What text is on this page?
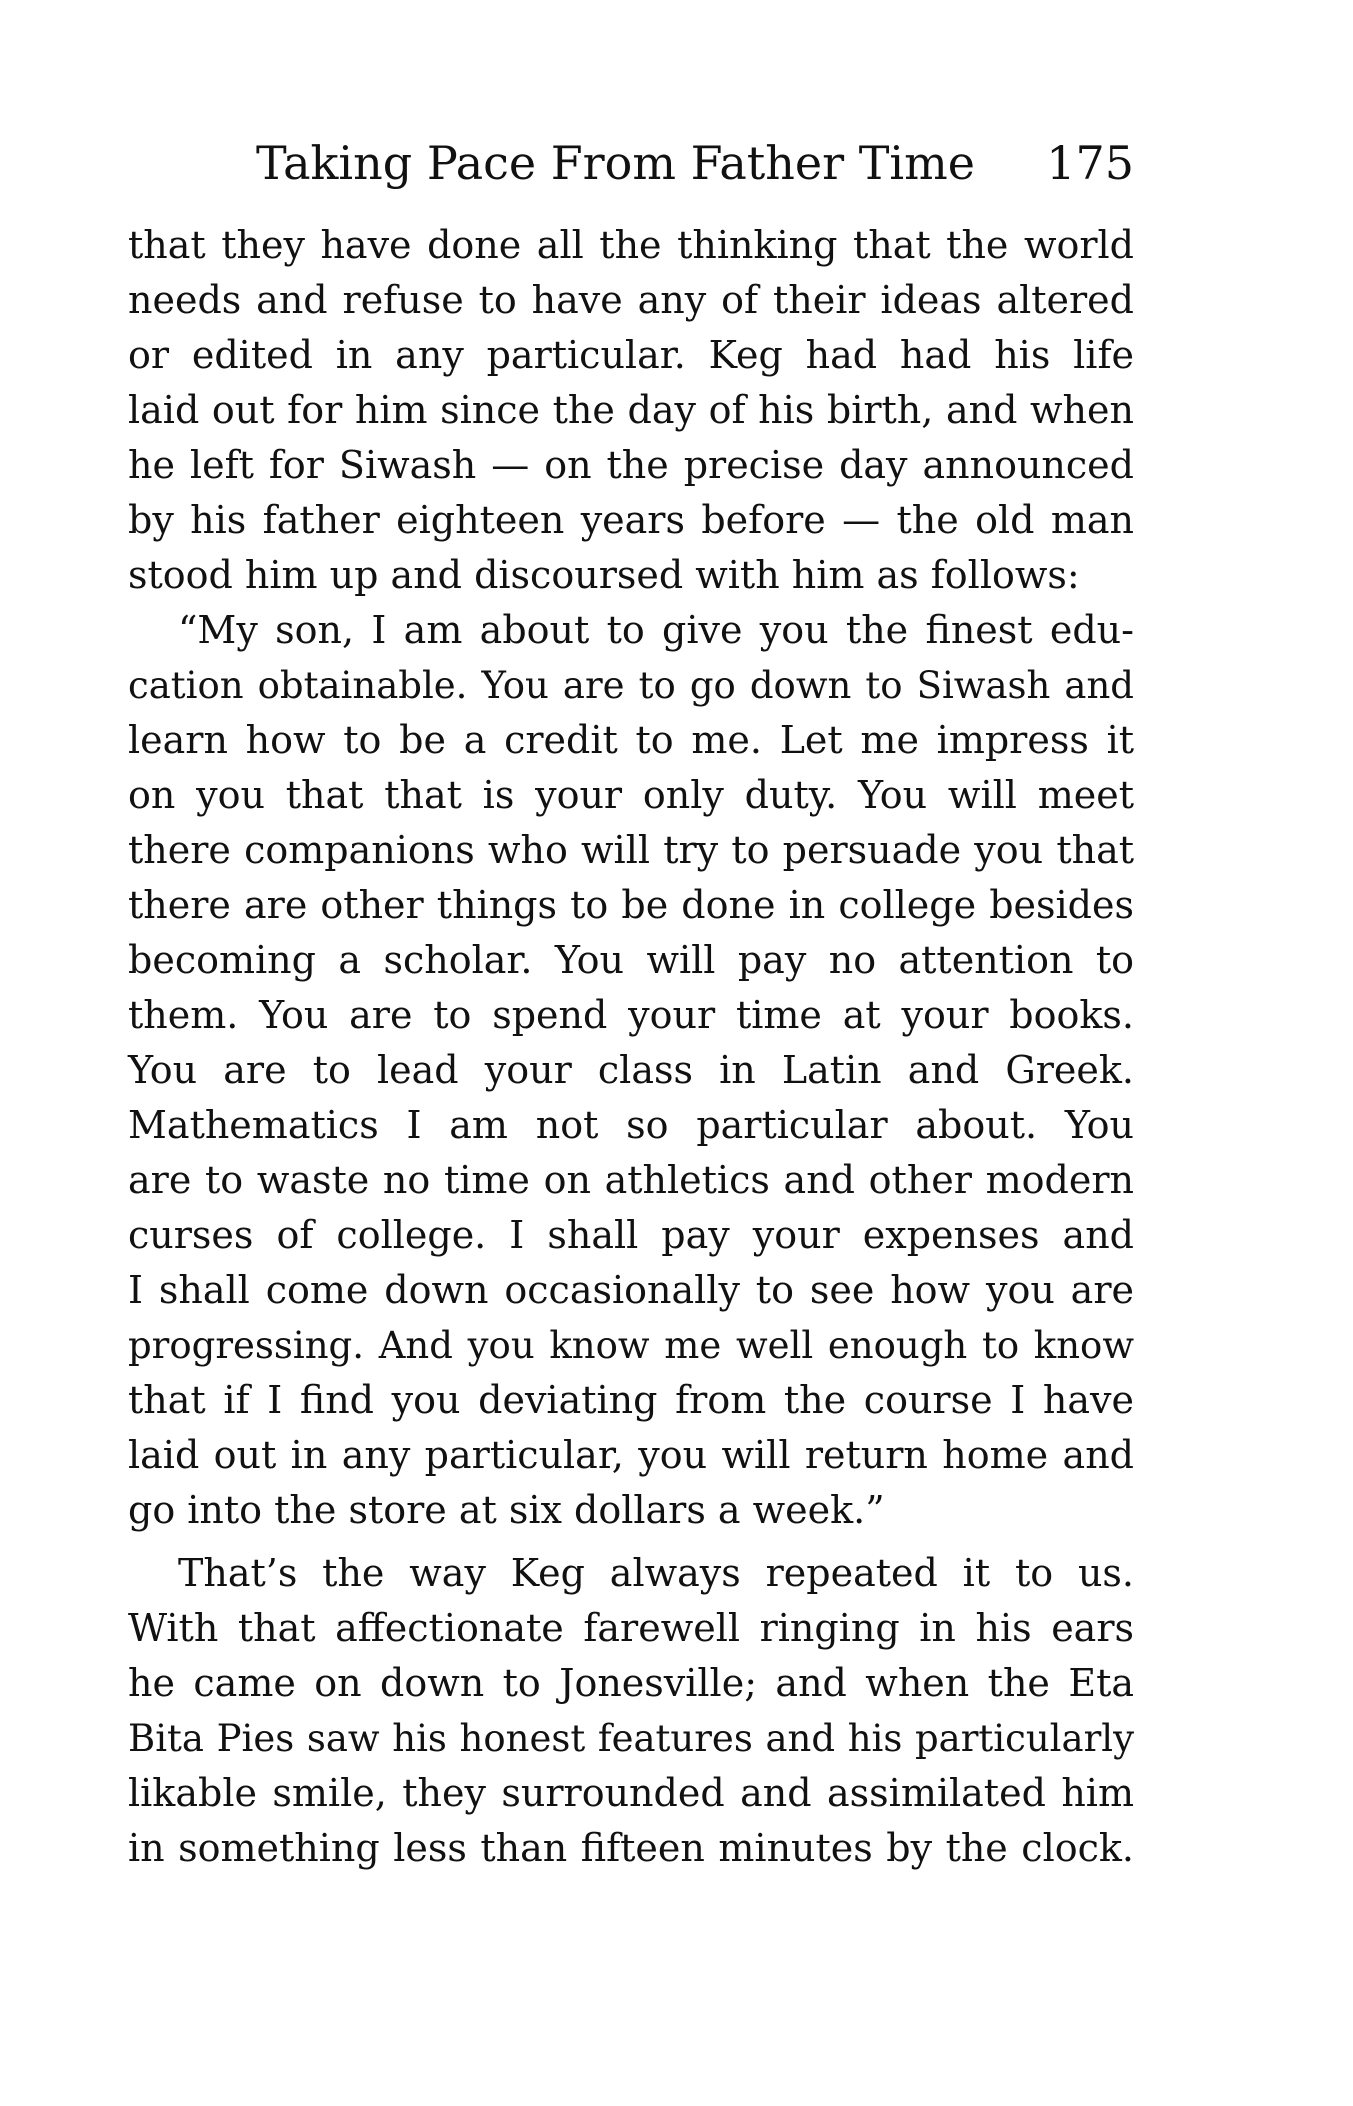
Taking Pace From Father Time 175
that they have done all the thinking that the world
needs and refuse to have any of their ideas altered
or edited in any particular. Keg had had his life
laid out for him since the day of his birth, and when
he left for Siwash — on the precise day announced
by his father eighteen years before — the old man
stood him up and discoursed with him as follows:
“My son, I am about to give you the finest edu-
cation obtainable. You are to go down to Siwash and
learn how to be a credit to me. Let me impress it
on you that that is your only duty. You will meet
there companions who will try to persuade you that
there are other things to be done in college besides
becoming a scholar. You will pay no attention to
them. You are to spend your time at your books.
You are to lead your class in Latin and Greek.
Mathematics I am not so particular about. You
are to waste no time on athletics and other modern
curses of college. I shall pay your expenses and
I shall come down occasionally to see how you are
progressing. And you know me well enough to know
that if I find you deviating from the course I have
laid out in any particular, you will return home and
go into the store at six dollars a week.”
That’s the way Keg always repeated it to us.
With that affectionate farewell ringing in his ears
he came on down to Jonesville; and when the Eta
Bita Pies saw his honest features and his particularly
likable smile, they surrounded and assimilated him
in something less than fifteen minutes by the clock.
